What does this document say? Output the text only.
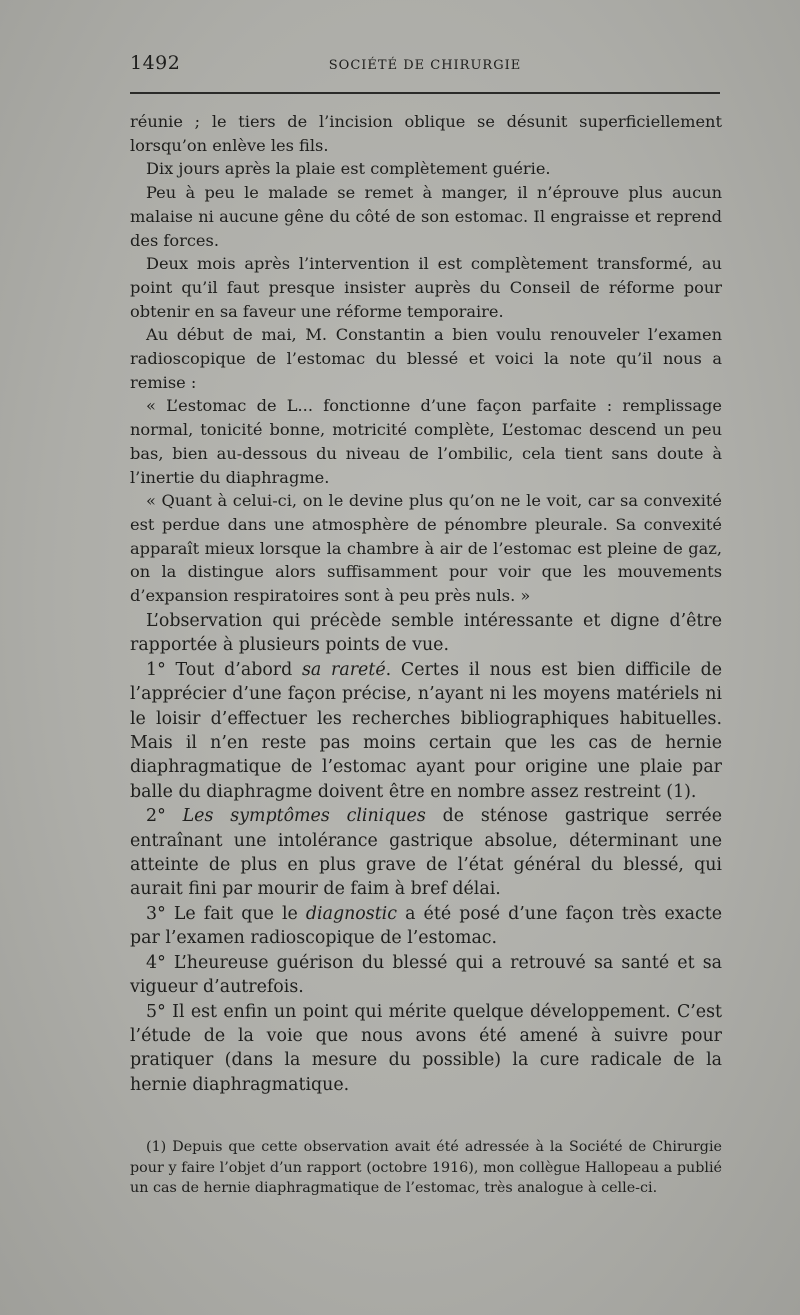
1492	SOCIÉTÉ DE CHIRURGIE

réunie ; le tiers de l’incision oblique se désunit superficiellement lorsqu’on enlève les fils.

Dix jours après la plaie est complètement guérie.

Peu à peu le malade se remet à manger, il n’éprouve plus aucun malaise ni aucune gêne du côté de son estomac. Il engraisse et reprend des forces.

Deux mois après l’intervention il est complètement transformé, au point qu’il faut presque insister auprès du Conseil de réforme pour obtenir en sa faveur une réforme temporaire.

Au début de mai, M. Constantin a bien voulu renouveler l’examen radioscopique de l’estomac du blessé et voici la note qu’il nous a remise :

« L’estomac de L... fonctionne d’une façon parfaite : remplissage normal, tonicité bonne, motricité complète, L’estomac descend un peu bas, bien au-dessous du niveau de l’ombilic, cela tient sans doute à l’inertie du diaphragme.

« Quant à celui-ci, on le devine plus qu’on ne le voit, car sa convexité est perdue dans une atmosphère de pénombre pleurale. Sa convexité apparaît mieux lorsque la chambre à air de l’estomac est pleine de gaz, on la distingue alors suffisamment pour voir que les mouvements d’expansion respiratoires sont à peu près nuls. »

L’observation qui précède semble intéressante et digne d’être rapportée à plusieurs points de vue.

1° Tout d’abord sa rareté. Certes il nous est bien difficile de l’apprécier d’une façon précise, n’ayant ni les moyens matériels ni le loisir d’effectuer les recherches bibliographiques habituelles. Mais il n’en reste pas moins certain que les cas de hernie diaphragmatique de l’estomac ayant pour origine une plaie par balle du diaphragme doivent être en nombre assez restreint (1).

2° Les symptômes cliniques de sténose gastrique serrée entraînant une intolérance gastrique absolue, déterminant une atteinte de plus en plus grave de l’état général du blessé, qui aurait fini par mourir de faim à bref délai.

3° Le fait que le diagnostic a été posé d’une façon très exacte par l’examen radioscopique de l’estomac.

4° L’heureuse guérison du blessé qui a retrouvé sa santé et sa vigueur d’autrefois.

5° Il est enfin un point qui mérite quelque développement. C’est l’étude de la voie que nous avons été amené à suivre pour pratiquer (dans la mesure du possible) la cure radicale de la hernie diaphragmatique.

(1) Depuis que cette observation avait été adressée à la Société de Chirurgie pour y faire l’objet d’un rapport (octobre 1916), mon collègue Hallopeau a publié un cas de hernie diaphragmatique de l’estomac, très analogue à celle-ci.
